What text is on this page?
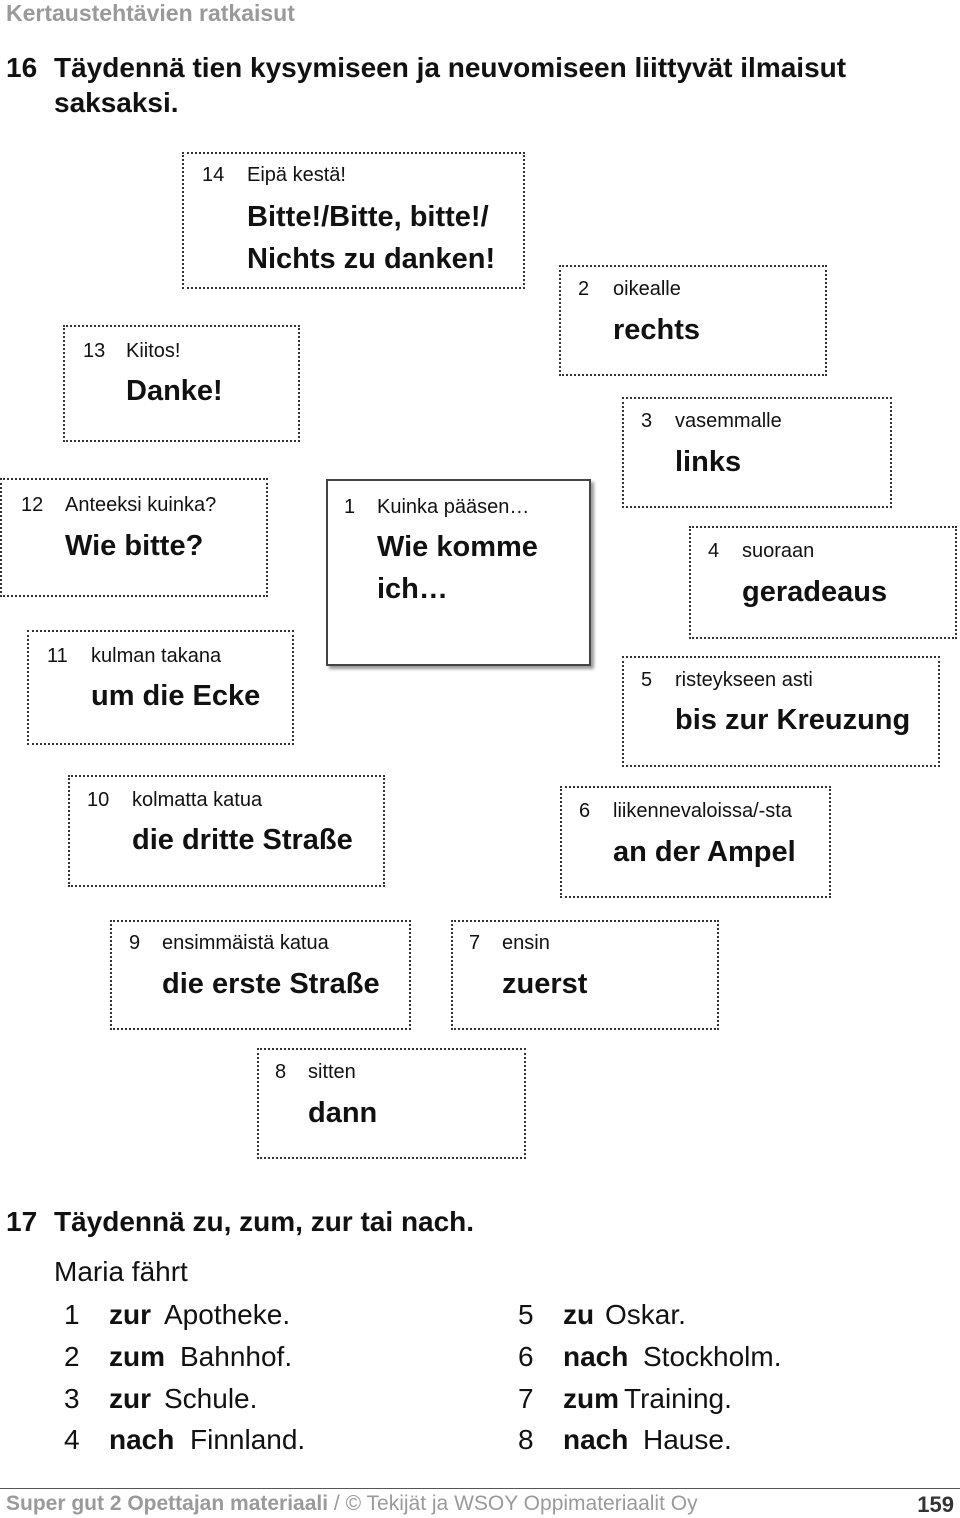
Kertaustehtävien ratkaisut
16 Täydennä tien kysymiseen ja neuvomiseen liittyvät ilmaisut saksaksi.
14 Eipä kestä!
Bitte!/Bitte, bitte!/ Nichts zu danken!
13 Kiitos!
Danke!
12 Anteeksi kuinka?
Wie bitte?
11 kulman takana
um die Ecke
1 Kuinka pääsen…
Wie komme ich…
2 oikealle
rechts
3 vasemmalle
links
4 suoraan
geradeaus
5 risteykseen asti
bis zur Kreuzung
10 kolmatta katua
die dritte Straße
6 liikennevaloissa/-sta
an der Ampel
9 ensimmäistä katua
die erste Straße
7 ensin
zuerst
8 sitten
dann
17 Täydennä zu, zum, zur tai nach.
Maria fährt
1 zur Apotheke.
2 zum Bahnhof.
3 zur Schule.
4 nach Finnland.
5 zu Oskar.
6 nach Stockholm.
7 zum Training.
8 nach Hause.
Super gut 2 Opettajan materiaali / © Tekijät ja WSOY Oppimateriaalit Oy	159
